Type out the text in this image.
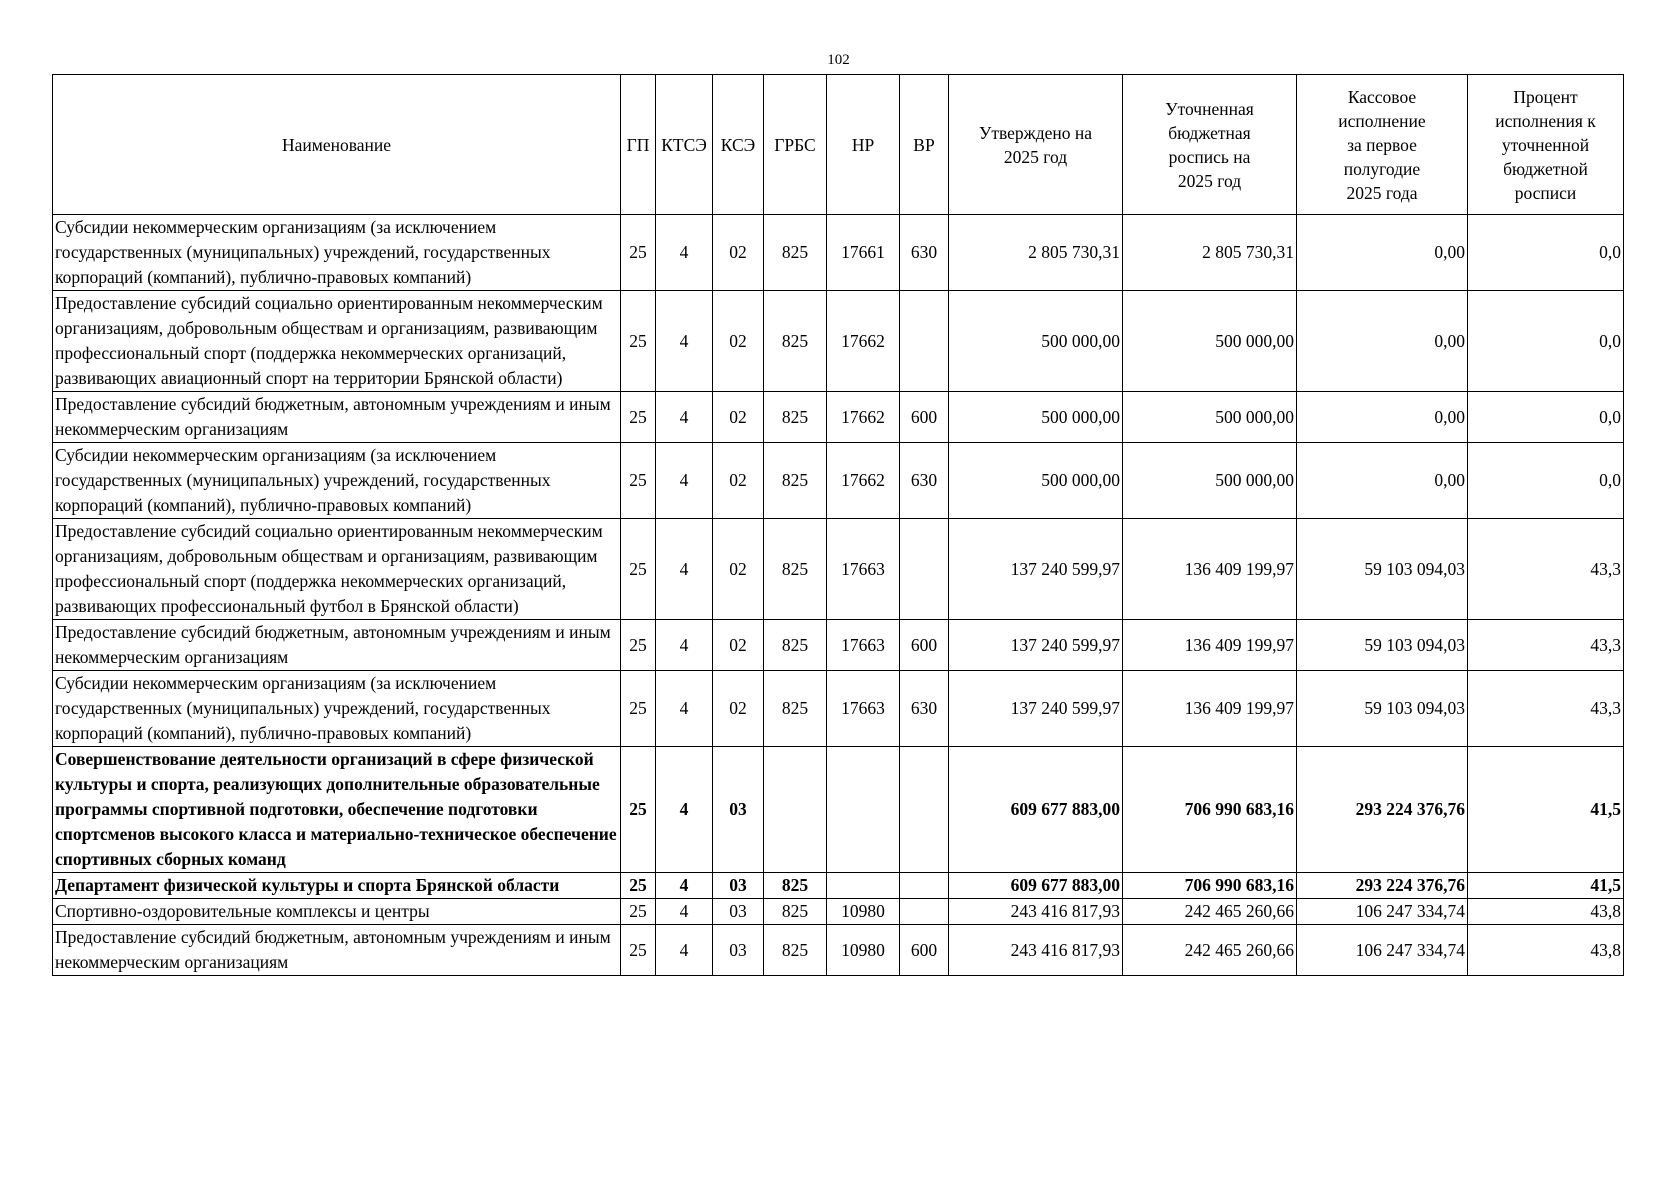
102
Наименование	ГП	КТСЭ	КСЭ	ГРБС	НР	ВР	Утверждено на 2025 год	Уточненная бюджетная роспись на 2025 год	Кассовое исполнение за первое полугодие 2025 года	Процент исполнения к уточненной бюджетной росписи
Субсидии некоммерческим организациям (за исключением государственных (муниципальных) учреждений, государственных корпораций (компаний), публично-правовых компаний)	25	4	02	825	17661	630	2 805 730,31	2 805 730,31	0,00	0,0
Предоставление субсидий социально ориентированным некоммерческим организациям, добровольным обществам и организациям, развивающим профессиональный спорт (поддержка некоммерческих организаций, развивающих авиационный спорт на территории Брянской области)	25	4	02	825	17662		500 000,00	500 000,00	0,00	0,0
Предоставление субсидий бюджетным, автономным учреждениям и иным некоммерческим организациям	25	4	02	825	17662	600	500 000,00	500 000,00	0,00	0,0
Субсидии некоммерческим организациям (за исключением государственных (муниципальных) учреждений, государственных корпораций (компаний), публично-правовых компаний)	25	4	02	825	17662	630	500 000,00	500 000,00	0,00	0,0
Предоставление субсидий социально ориентированным некоммерческим организациям, добровольным обществам и организациям, развивающим профессиональный спорт (поддержка некоммерческих организаций, развивающих профессиональный футбол в Брянской области)	25	4	02	825	17663		137 240 599,97	136 409 199,97	59 103 094,03	43,3
Предоставление субсидий бюджетным, автономным учреждениям и иным некоммерческим организациям	25	4	02	825	17663	600	137 240 599,97	136 409 199,97	59 103 094,03	43,3
Субсидии некоммерческим организациям (за исключением государственных (муниципальных) учреждений, государственных корпораций (компаний), публично-правовых компаний)	25	4	02	825	17663	630	137 240 599,97	136 409 199,97	59 103 094,03	43,3
Совершенствование деятельности организаций в сфере физической культуры и спорта, реализующих дополнительные образовательные программы спортивной подготовки, обеспечение подготовки спортсменов высокого класса и материально-техническое обеспечение спортивных сборных команд	25	4	03				609 677 883,00	706 990 683,16	293 224 376,76	41,5
Департамент физической культуры и спорта Брянской области	25	4	03	825			609 677 883,00	706 990 683,16	293 224 376,76	41,5
Спортивно-оздоровительные комплексы и центры	25	4	03	825	10980		243 416 817,93	242 465 260,66	106 247 334,74	43,8
Предоставление субсидий бюджетным, автономным учреждениям и иным некоммерческим организациям	25	4	03	825	10980	600	243 416 817,93	242 465 260,66	106 247 334,74	43,8
